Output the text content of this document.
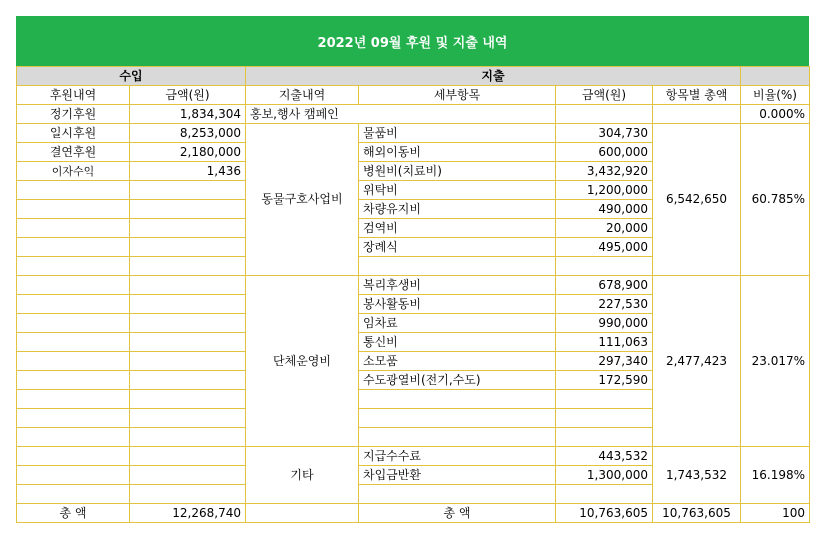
2022년 09월 후원 및 지출 내역
수입		지출				
후원내역	금액(원)	지출내역	세부항목	금액(원)	항목별 총액	비율(%)
정기후원	1,834,304	홍보,행사 캠페인				0.000%
일시후원	8,253,000	동물구호사업비	물품비	304,730	6,542,650	60.785%
결연후원	2,180,000		해외이동비	600,000		
이자수익	1,436		병원비(치료비)	3,432,920		
			위탁비	1,200,000		
			차량유지비	490,000		
			검역비	20,000		
			장례식	495,000		

		단체운영비	복리후생비	678,900	2,477,423	23.017%
			봉사활동비	227,530		
			임차료	990,000		
			통신비	111,063		
			소모품	297,340		
			수도광열비(전기,수도)	172,590		

		기타	지급수수료	443,532	1,743,532	16.198%
			차입금반환	1,300,000		

총 액	12,268,740		총 액	10,763,605	10,763,605	100
